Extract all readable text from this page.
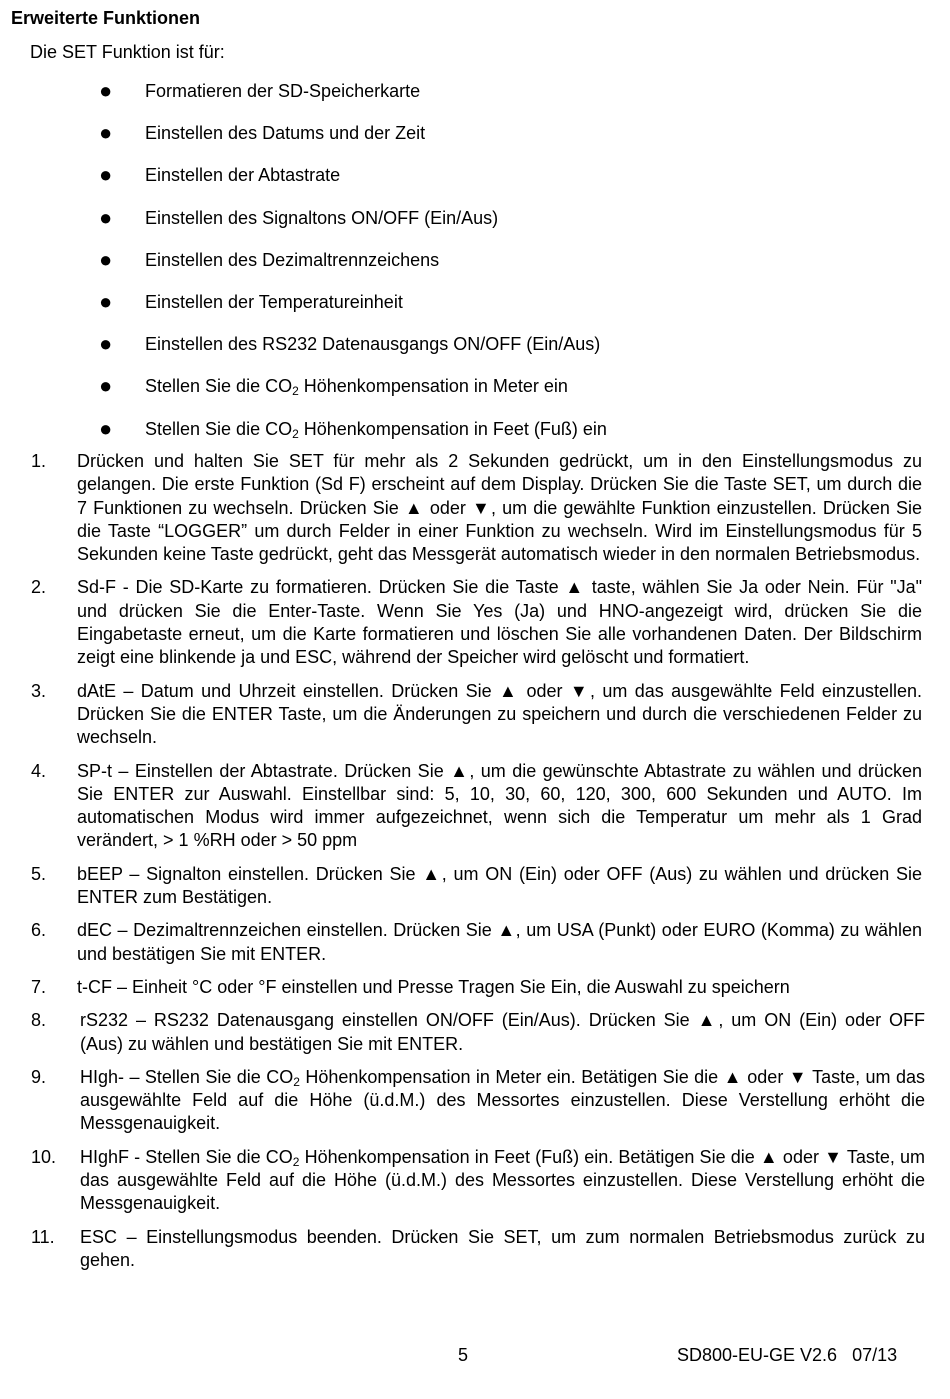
Erweiterte Funktionen
Die SET Funktion ist für:
● Formatieren der SD-Speicherkarte
● Einstellen des Datums und der Zeit
● Einstellen der Abtastrate
● Einstellen des Signaltons ON/OFF (Ein/Aus)
● Einstellen des Dezimaltrennzeichens
● Einstellen der Temperatureinheit
● Einstellen des RS232 Datenausgangs ON/OFF (Ein/Aus)
● Stellen Sie die $CO_2$ Höhenkompensation in Meter ein
● Stellen Sie die $CO_2$ Höhenkompensation in Feet (Fuß) ein
1. Drücken und halten Sie SET für mehr als 2 Sekunden gedrückt, um in den Einstellungsmodus zu gelangen. Die erste Funktion (Sd F) erscheint auf dem Display. Drücken Sie die Taste SET, um durch die 7 Funktionen zu wechseln. Drücken Sie ▲ oder ▼, um die gewählte Funktion einzustellen. Drücken Sie die Taste “LOGGER” um durch Felder in einer Funktion zu wechseln. Wird im Einstellungsmodus für 5 Sekunden keine Taste gedrückt, geht das Messgerät automatisch wieder in den normalen Betriebsmodus.
2. Sd-F - Die SD-Karte zu formatieren. Drücken Sie die Taste ▲ taste, wählen Sie Ja oder Nein. Für "Ja" und drücken Sie die Enter-Taste. Wenn Sie Yes (Ja) und HNO-angezeigt wird, drücken Sie die Eingabetaste erneut, um die Karte formatieren und löschen Sie alle vorhandenen Daten. Der Bildschirm zeigt eine blinkende ja und ESC, während der Speicher wird gelöscht und formatiert.
3. dAtE – Datum und Uhrzeit einstellen. Drücken Sie ▲ oder ▼, um das ausgewählte Feld einzustellen. Drücken Sie die ENTER Taste, um die Änderungen zu speichern und durch die verschiedenen Felder zu wechseln.
4. SP-t – Einstellen der Abtastrate. Drücken Sie ▲, um die gewünschte Abtastrate zu wählen und drücken Sie ENTER zur Auswahl. Einstellbar sind: 5, 10, 30, 60, 120, 300, 600 Sekunden und AUTO. Im automatischen Modus wird immer aufgezeichnet, wenn sich die Temperatur um mehr als 1 Grad verändert, > 1 %RH oder > 50 ppm
5. bEEP – Signalton einstellen. Drücken Sie ▲, um ON (Ein) oder OFF (Aus) zu wählen und drücken Sie ENTER zum Bestätigen.
6. dEC – Dezimaltrennzeichen einstellen. Drücken Sie ▲, um USA (Punkt) oder EURO (Komma) zu wählen und bestätigen Sie mit ENTER.
7. t-CF – Einheit °C oder °F einstellen und Presse Tragen Sie Ein, die Auswahl zu speichern
8. rS232 – RS232 Datenausgang einstellen ON/OFF (Ein/Aus). Drücken Sie ▲, um ON (Ein) oder OFF (Aus) zu wählen und bestätigen Sie mit ENTER.
9. HIgh- – Stellen Sie die $CO_2$ Höhenkompensation in Meter ein. Betätigen Sie die ▲ oder ▼ Taste, um das ausgewählte Feld auf die Höhe (ü.d.M.) des Messortes einzustellen. Diese Verstellung erhöht die Messgenauigkeit.
10. HIghF - Stellen Sie die $CO_2$ Höhenkompensation in Feet (Fuß) ein. Betätigen Sie die ▲ oder ▼ Taste, um das ausgewählte Feld auf die Höhe (ü.d.M.) des Messortes einzustellen. Diese Verstellung erhöht die Messgenauigkeit.
11. ESC – Einstellungsmodus beenden. Drücken Sie SET, um zum normalen Betriebsmodus zurück zu gehen.
5	SD800-EU-GE V2.6   07/13
